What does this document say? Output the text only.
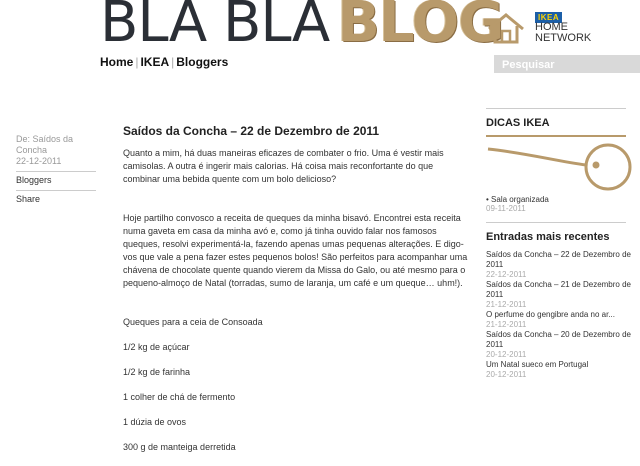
BLA BLA BLOG	IKEA
HOME
NETWORK
Home | IKEA | Bloggers
Pesquisar
De: Saídos da Concha
22-12-2011
Bloggers
Share
Saídos da Concha – 22 de Dezembro de 2011

Quanto a mim, há duas maneiras eficazes de combater o frio. Uma é vestir mais camisolas. A outra é ingerir mais calorias. Há coisa mais reconfortante do que combinar uma bebida quente com um bolo delicioso?

Hoje partilho convosco a receita de queques da minha bisavó. Encontrei esta receita numa gaveta em casa da minha avó e, como já tinha ouvido falar nos famosos queques, resolvi experimentá-la, fazendo apenas umas pequenas alterações. E digo-vos que vale a pena fazer estes pequenos bolos! São perfeitos para acompanhar uma chávena de chocolate quente quando vierem da Missa do Galo, ou até mesmo para o pequeno-almoço de Natal (torradas, sumo de laranja, um café e um queque… uhm!).

Queques para a ceia de Consoada

1/2 kg de açúcar

1/2 kg de farinha

1 colher de chá de fermento

1 dúzia de ovos

300 g de manteiga derretida

DICAS IKEA
• Sala organizada
09-11-2011
Entradas mais recentes
Saídos da Concha – 22 de Dezembro de 2011
22-12-2011
Saídos da Concha – 21 de Dezembro de 2011
21-12-2011
O perfume do gengibre anda no ar...
21-12-2011
Saídos da Concha – 20 de Dezembro de 2011
20-12-2011
Um Natal sueco em Portugal
20-12-2011
